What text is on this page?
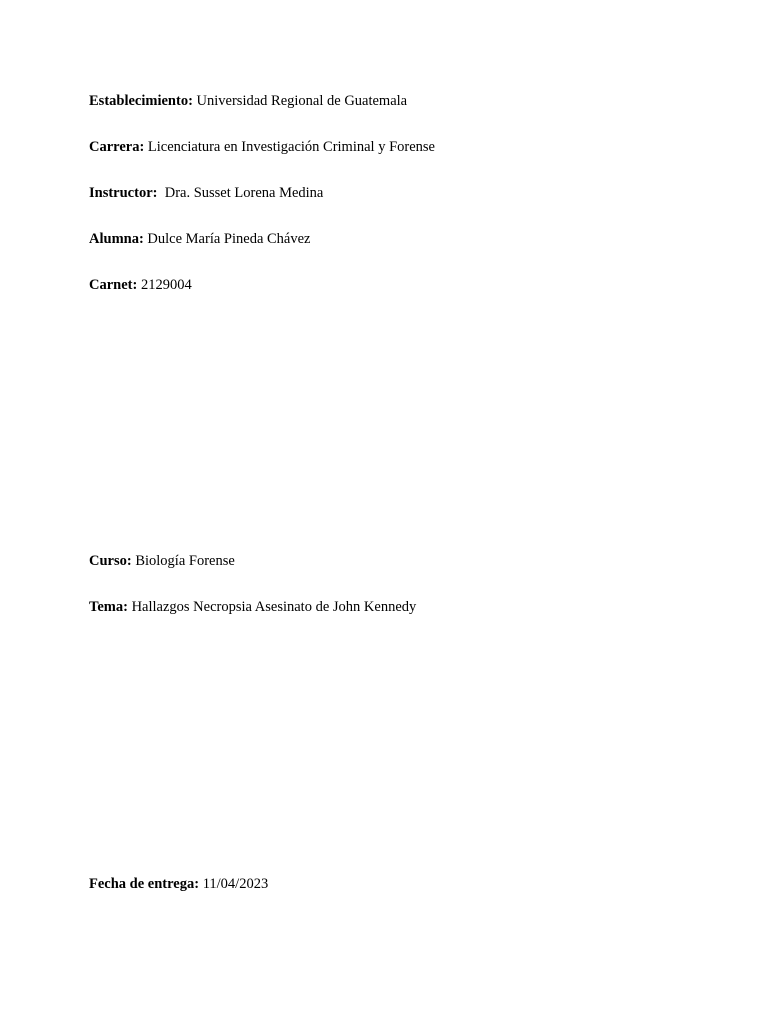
Establecimiento: Universidad Regional de Guatemala
Carrera: Licenciatura en Investigación Criminal y Forense
Instructor:  Dra. Susset Lorena Medina
Alumna: Dulce María Pineda Chávez
Carnet: 2129004
Curso: Biología Forense
Tema: Hallazgos Necropsia Asesinato de John Kennedy
Fecha de entrega: 11/04/2023
